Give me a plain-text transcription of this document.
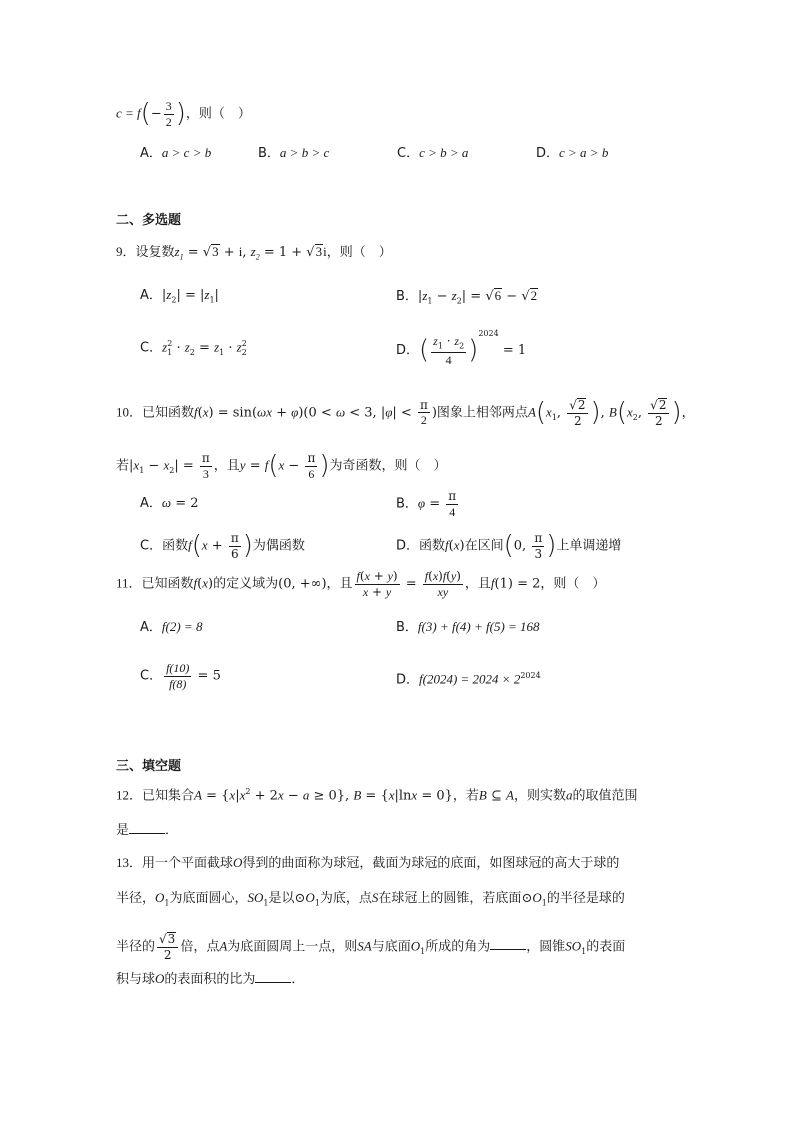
$c = f(- \frac{3}{2}$ )，则（　）
A．a > c > b	B．a > b > c	C．c > b > a	D．c > a > b
二、多选题
9．设复数$z_1 = √3 + i$, $z_2 = 1 + √3i$，则（　）
A．$|z_2| = |z_1|$	B．$|z_1 - z_2| = √6 - √2$
C．$z_1^2 \cdot z_2 = z_1 \cdot z_2^2$	D．( $\frac{z_1 \cdot z_2}{4} )^{2024} = 1$
10．已知函数f(x) = sin(ωx + φ)(0 < ω < 3, $|\varphi| < \frac{\pi}{2}$ )图象上相邻两点$A(x_1$, $\frac{√2}{2}$ ), $B(x_2$, $\frac{√2}{2}$ )，
若$|x_1 - x_2| = \frac{\pi}{3}$ ，且$y = f(x - \frac{\pi}{6}$ )为奇函数，则（　）
A．ω = 2	B．$\varphi = \frac{\pi}{4}$
C．函数$f(x + \frac{\pi}{6}$ )为偶函数	D．函数f(x)在区间(0, $\frac{\pi}{3}$ )上单调递增
11．已知函数f(x)的定义域为(0, +∞)，且 $\frac{f(x + y)}{x + y} = \frac{f(x)f(y)}{xy}$ ，且f(1) = 2，则（　）
A．f(2) = 8	B．f(3) + f(4) + f(5) = 168
C． $\frac{f(10)}{f(8)} = 5$	D．$f(2024) = 2024 \times 2^{2024}$
三、填空题
12．已知集合$A = \{x|x^2 + 2x - a \ge 0\}$, B = {x|lnx = 0}，若B ⊆ A，则实数a的取值范围
是	．
13．用一个平面截球O得到的曲面称为球冠，截面为球冠的底面，如图球冠的高大于球的
半径，$O_1$为底面圆心，$SO_1$是以$⊙O_1$为底，点S在球冠上的圆锥，若底面$⊙O_1$的半径是球的
半径的 $\frac{√3}{2}$ 倍，点A为底面圆周上一点，则SA与底面$O_1$所成的角为	，圆锥$SO_1$的表面
积与球O的表面积的比为	．
